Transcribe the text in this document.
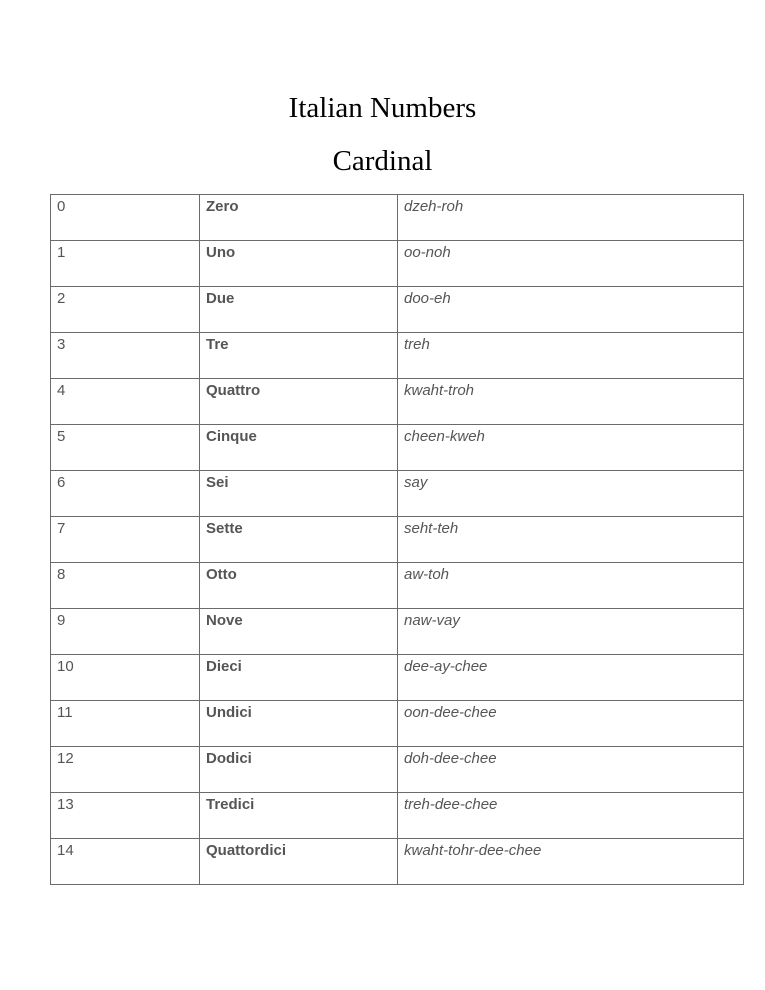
Italian Numbers
Cardinal
0	Zero	dzeh-roh
1	Uno	oo-noh
2	Due	doo-eh
3	Tre	treh
4	Quattro	kwaht-troh
5	Cinque	cheen-kweh
6	Sei	say
7	Sette	seht-teh
8	Otto	aw-toh
9	Nove	naw-vay
10	Dieci	dee-ay-chee
11	Undici	oon-dee-chee
12	Dodici	doh-dee-chee
13	Tredici	treh-dee-chee
14	Quattordici	kwaht-tohr-dee-chee
